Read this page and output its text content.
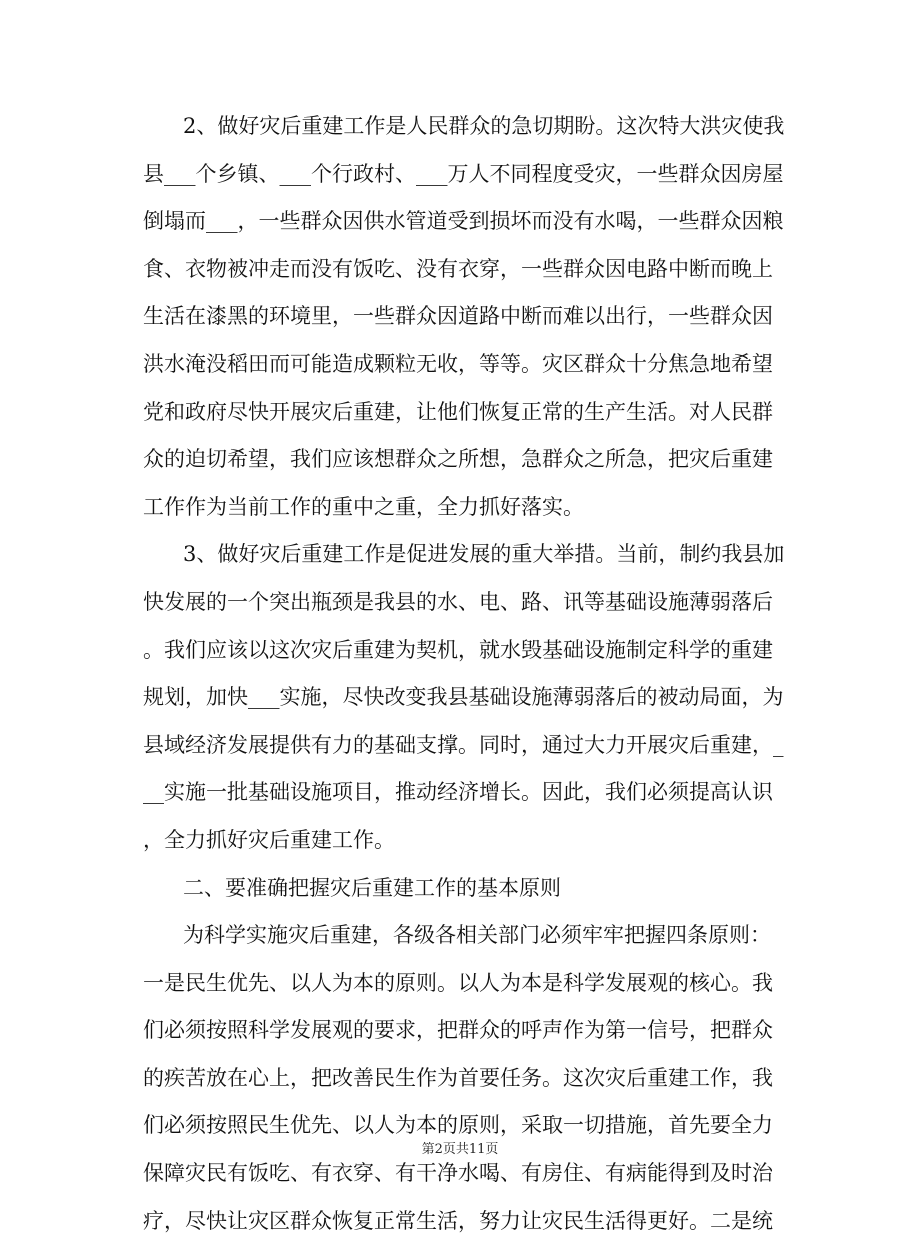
2、做好灾后重建工作是人民群众的急切期盼。这次特大洪灾使我
县___个乡镇、___个行政村、___万人不同程度受灾，一些群众因房屋
倒塌而___，一些群众因供水管道受到损坏而没有水喝，一些群众因粮
食、衣物被冲走而没有饭吃、没有衣穿，一些群众因电路中断而晚上
生活在漆黑的环境里，一些群众因道路中断而难以出行，一些群众因
洪水淹没稻田而可能造成颗粒无收，等等。灾区群众十分焦急地希望
党和政府尽快开展灾后重建，让他们恢复正常的生产生活。对人民群
众的迫切希望，我们应该想群众之所想，急群众之所急，把灾后重建
工作作为当前工作的重中之重，全力抓好落实。
3、做好灾后重建工作是促进发展的重大举措。当前，制约我县加
快发展的一个突出瓶颈是我县的水、电、路、讯等基础设施薄弱落后
。我们应该以这次灾后重建为契机，就水毁基础设施制定科学的重建
规划，加快___实施，尽快改变我县基础设施薄弱落后的被动局面，为
县域经济发展提供有力的基础支撑。同时，通过大力开展灾后重建，_
__实施一批基础设施项目，推动经济增长。因此，我们必须提高认识
，全力抓好灾后重建工作。
二、要准确把握灾后重建工作的基本原则
为科学实施灾后重建，各级各相关部门必须牢牢把握四条原则：
一是民生优先、以人为本的原则。以人为本是科学发展观的核心。我
们必须按照科学发展观的要求，把群众的呼声作为第一信号，把群众
的疾苦放在心上，把改善民生作为首要任务。这次灾后重建工作，我
们必须按照民生优先、以人为本的原则，采取一切措施，首先要全力
保障灾民有饭吃、有衣穿、有干净水喝、有房住、有病能得到及时治
疗，尽快让灾区群众恢复正常生活，努力让灾民生活得更好。二是统
第2页共11页
